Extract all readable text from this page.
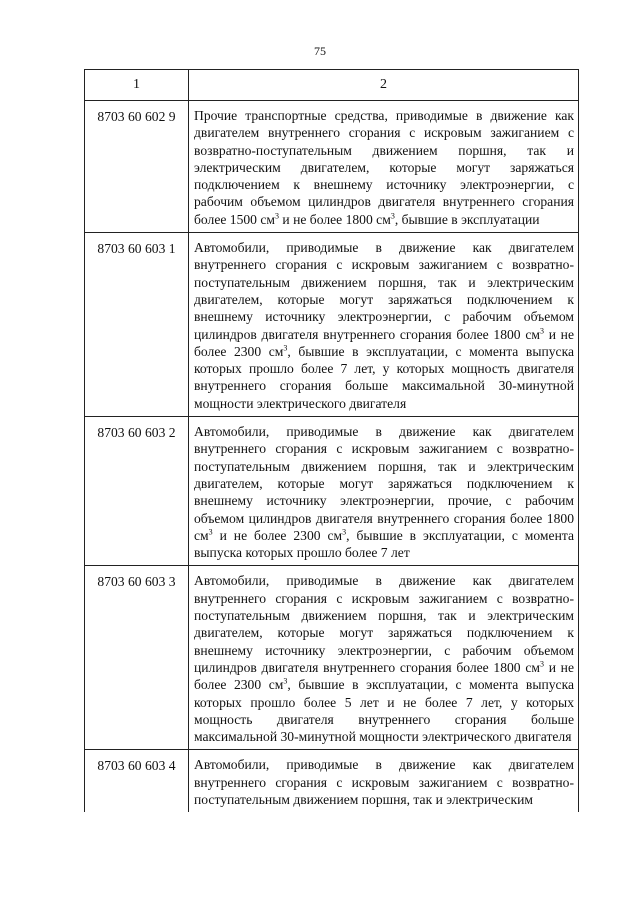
75
1	2
8703 60 602 9	Прочие транспортные средства, приводимые в движение как двигателем внутреннего сгорания с искровым зажиганием с возвратно-поступательным движением поршня, так и электрическим двигателем, которые могут заряжаться подключением к внешнему источнику электроэнергии, с рабочим объемом цилиндров двигателя внутреннего сгорания более 1500 $см^3$ и не более 1800 $см^3$, бывшие в эксплуатации
8703 60 603 1	Автомобили, приводимые в движение как двигателем внутреннего сгорания с искровым зажиганием с возвратно-поступательным движением поршня, так и электрическим двигателем, которые могут заряжаться подключением к внешнему источнику электроэнергии, с рабочим объемом цилиндров двигателя внутреннего сгорания более 1800 $см^3$ и не более 2300 $см^3$, бывшие в эксплуатации, с момента выпуска которых прошло более 7 лет, у которых мощность двигателя внутреннего сгорания больше максимальной 30-минутной мощности электрического двигателя
8703 60 603 2	Автомобили, приводимые в движение как двигателем внутреннего сгорания с искровым зажиганием с возвратно-поступательным движением поршня, так и электрическим двигателем, которые могут заряжаться подключением к внешнему источнику электроэнергии, прочие, с рабочим объемом цилиндров двигателя внутреннего сгорания более 1800 $см^3$ и не более 2300 $см^3$, бывшие в эксплуатации, с момента выпуска которых прошло более 7 лет
8703 60 603 3	Автомобили, приводимые в движение как двигателем внутреннего сгорания с искровым зажиганием с возвратно-поступательным движением поршня, так и электрическим двигателем, которые могут заряжаться подключением к внешнему источнику электроэнергии, с рабочим объемом цилиндров двигателя внутреннего сгорания более 1800 $см^3$ и не более 2300 $см^3$, бывшие в эксплуатации, с момента выпуска которых прошло более 5 лет и не более 7 лет, у которых мощность двигателя внутреннего сгорания больше максимальной 30-минутной мощности электрического двигателя
8703 60 603 4	Автомобили, приводимые в движение как двигателем внутреннего сгорания с искровым зажиганием с возвратно-поступательным движением поршня, так и электрическим
